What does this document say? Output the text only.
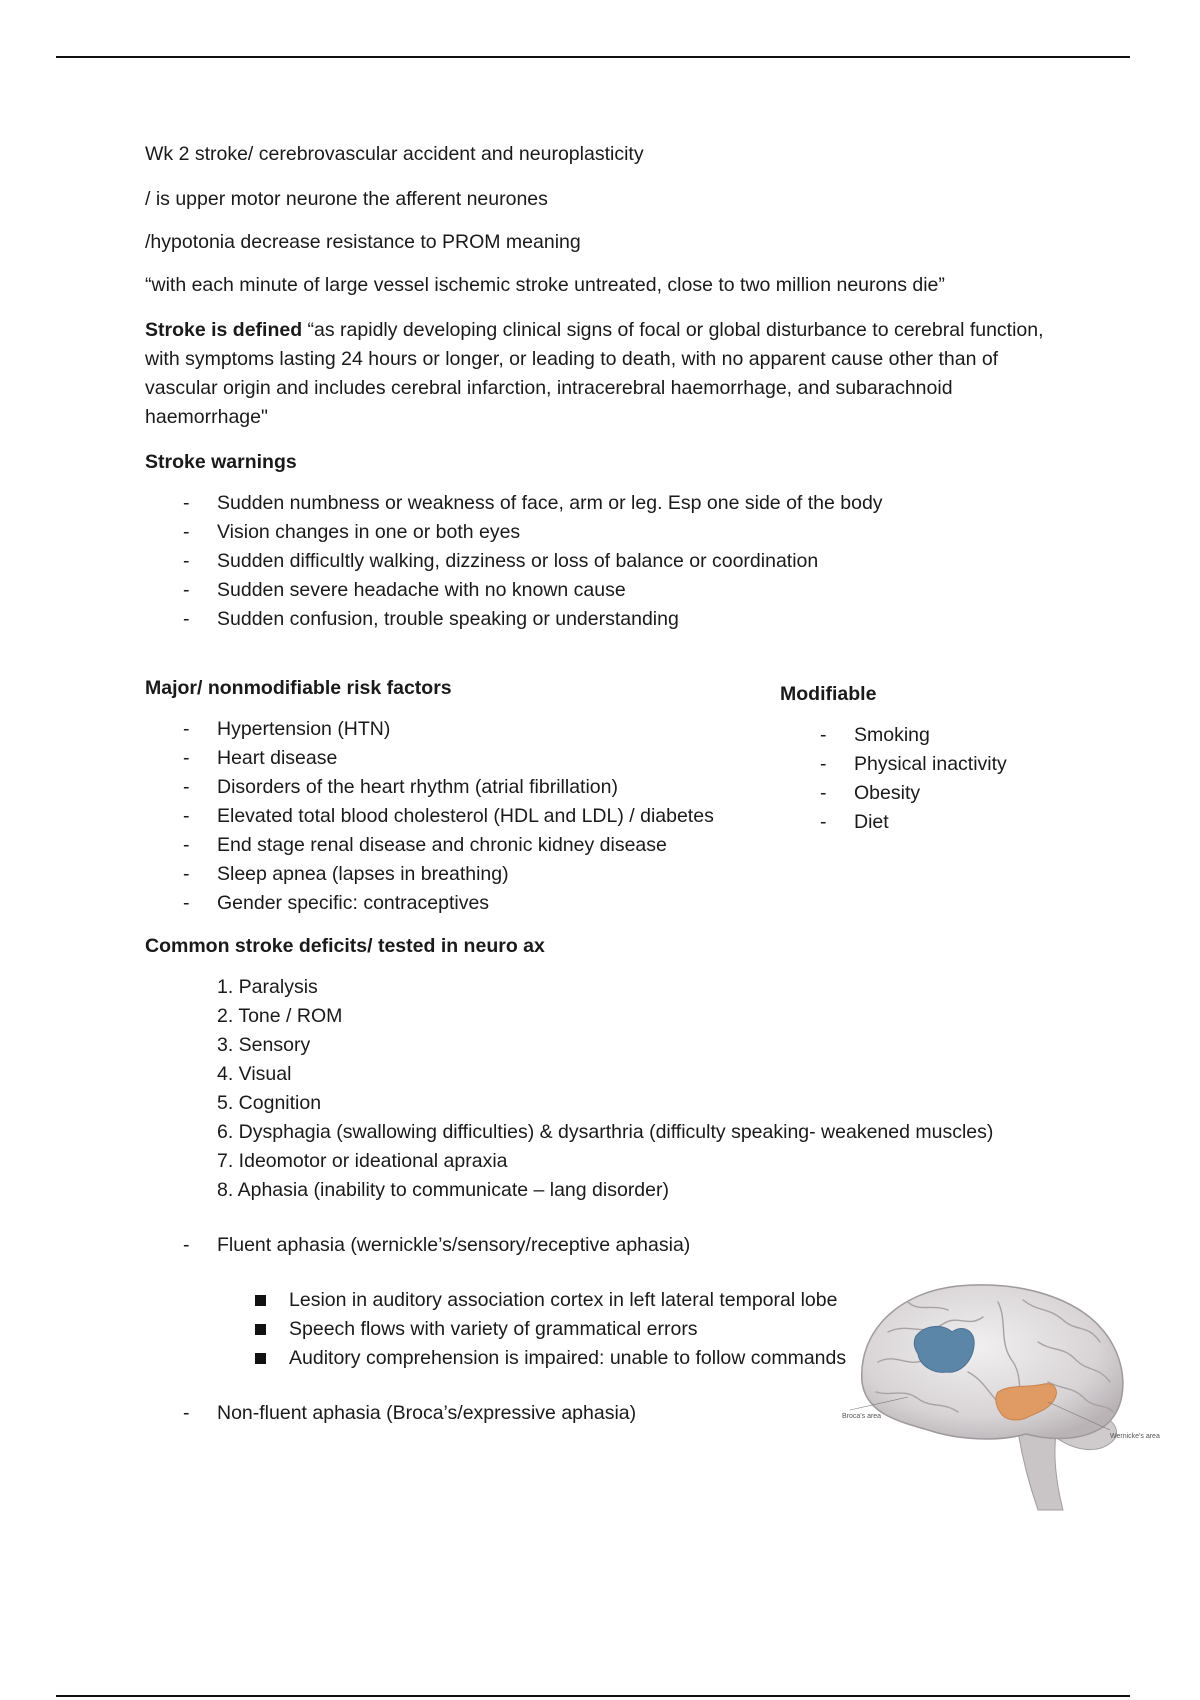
Wk 2 stroke/ cerebrovascular accident and neuroplasticity

/ is upper motor neurone the afferent neurones

/hypotonia decrease resistance to PROM meaning

“with each minute of large vessel ischemic stroke untreated, close to two million neurons die”

Stroke is defined “as rapidly developing clinical signs of focal or global disturbance to cerebral function, with symptoms lasting 24 hours or longer, or leading to death, with no apparent cause other than of vascular origin and includes cerebral infarction, intracerebral haemorrhage, and subarachnoid haemorrhage"

Stroke warnings

- Sudden numbness or weakness of face, arm or leg. Esp one side of the body
- Vision changes in one or both eyes
- Sudden difficultly walking, dizziness or loss of balance or coordination
- Sudden severe headache with no known cause
- Sudden confusion, trouble speaking or understanding

Major/ nonmodifiable risk factors

- Hypertension (HTN)
- Heart disease
- Disorders of the heart rhythm (atrial fibrillation)
- Elevated total blood cholesterol (HDL and LDL) / diabetes
- End stage renal disease and chronic kidney disease
- Sleep apnea (lapses in breathing)
- Gender specific: contraceptives

Common stroke deficits/ tested in neuro ax

1. Paralysis
2. Tone / ROM
3. Sensory
4. Visual
5. Cognition
6. Dysphagia (swallowing difficulties) & dysarthria (difficulty speaking- weakened muscles)
7. Ideomotor or ideational apraxia
8. Aphasia (inability to communicate – lang disorder)
- Fluent aphasia (wernickle’s/sensory/receptive aphasia)
Lesion in auditory association cortex in left lateral temporal lobe
Speech flows with variety of grammatical errors
Auditory comprehension is impaired: unable to follow commands
- Non-fluent aphasia (Broca’s/expressive aphasia)

Modifiable

- Smoking
- Physical inactivity
- Obesity
- Diet
Broca's area
Wernicke's area
